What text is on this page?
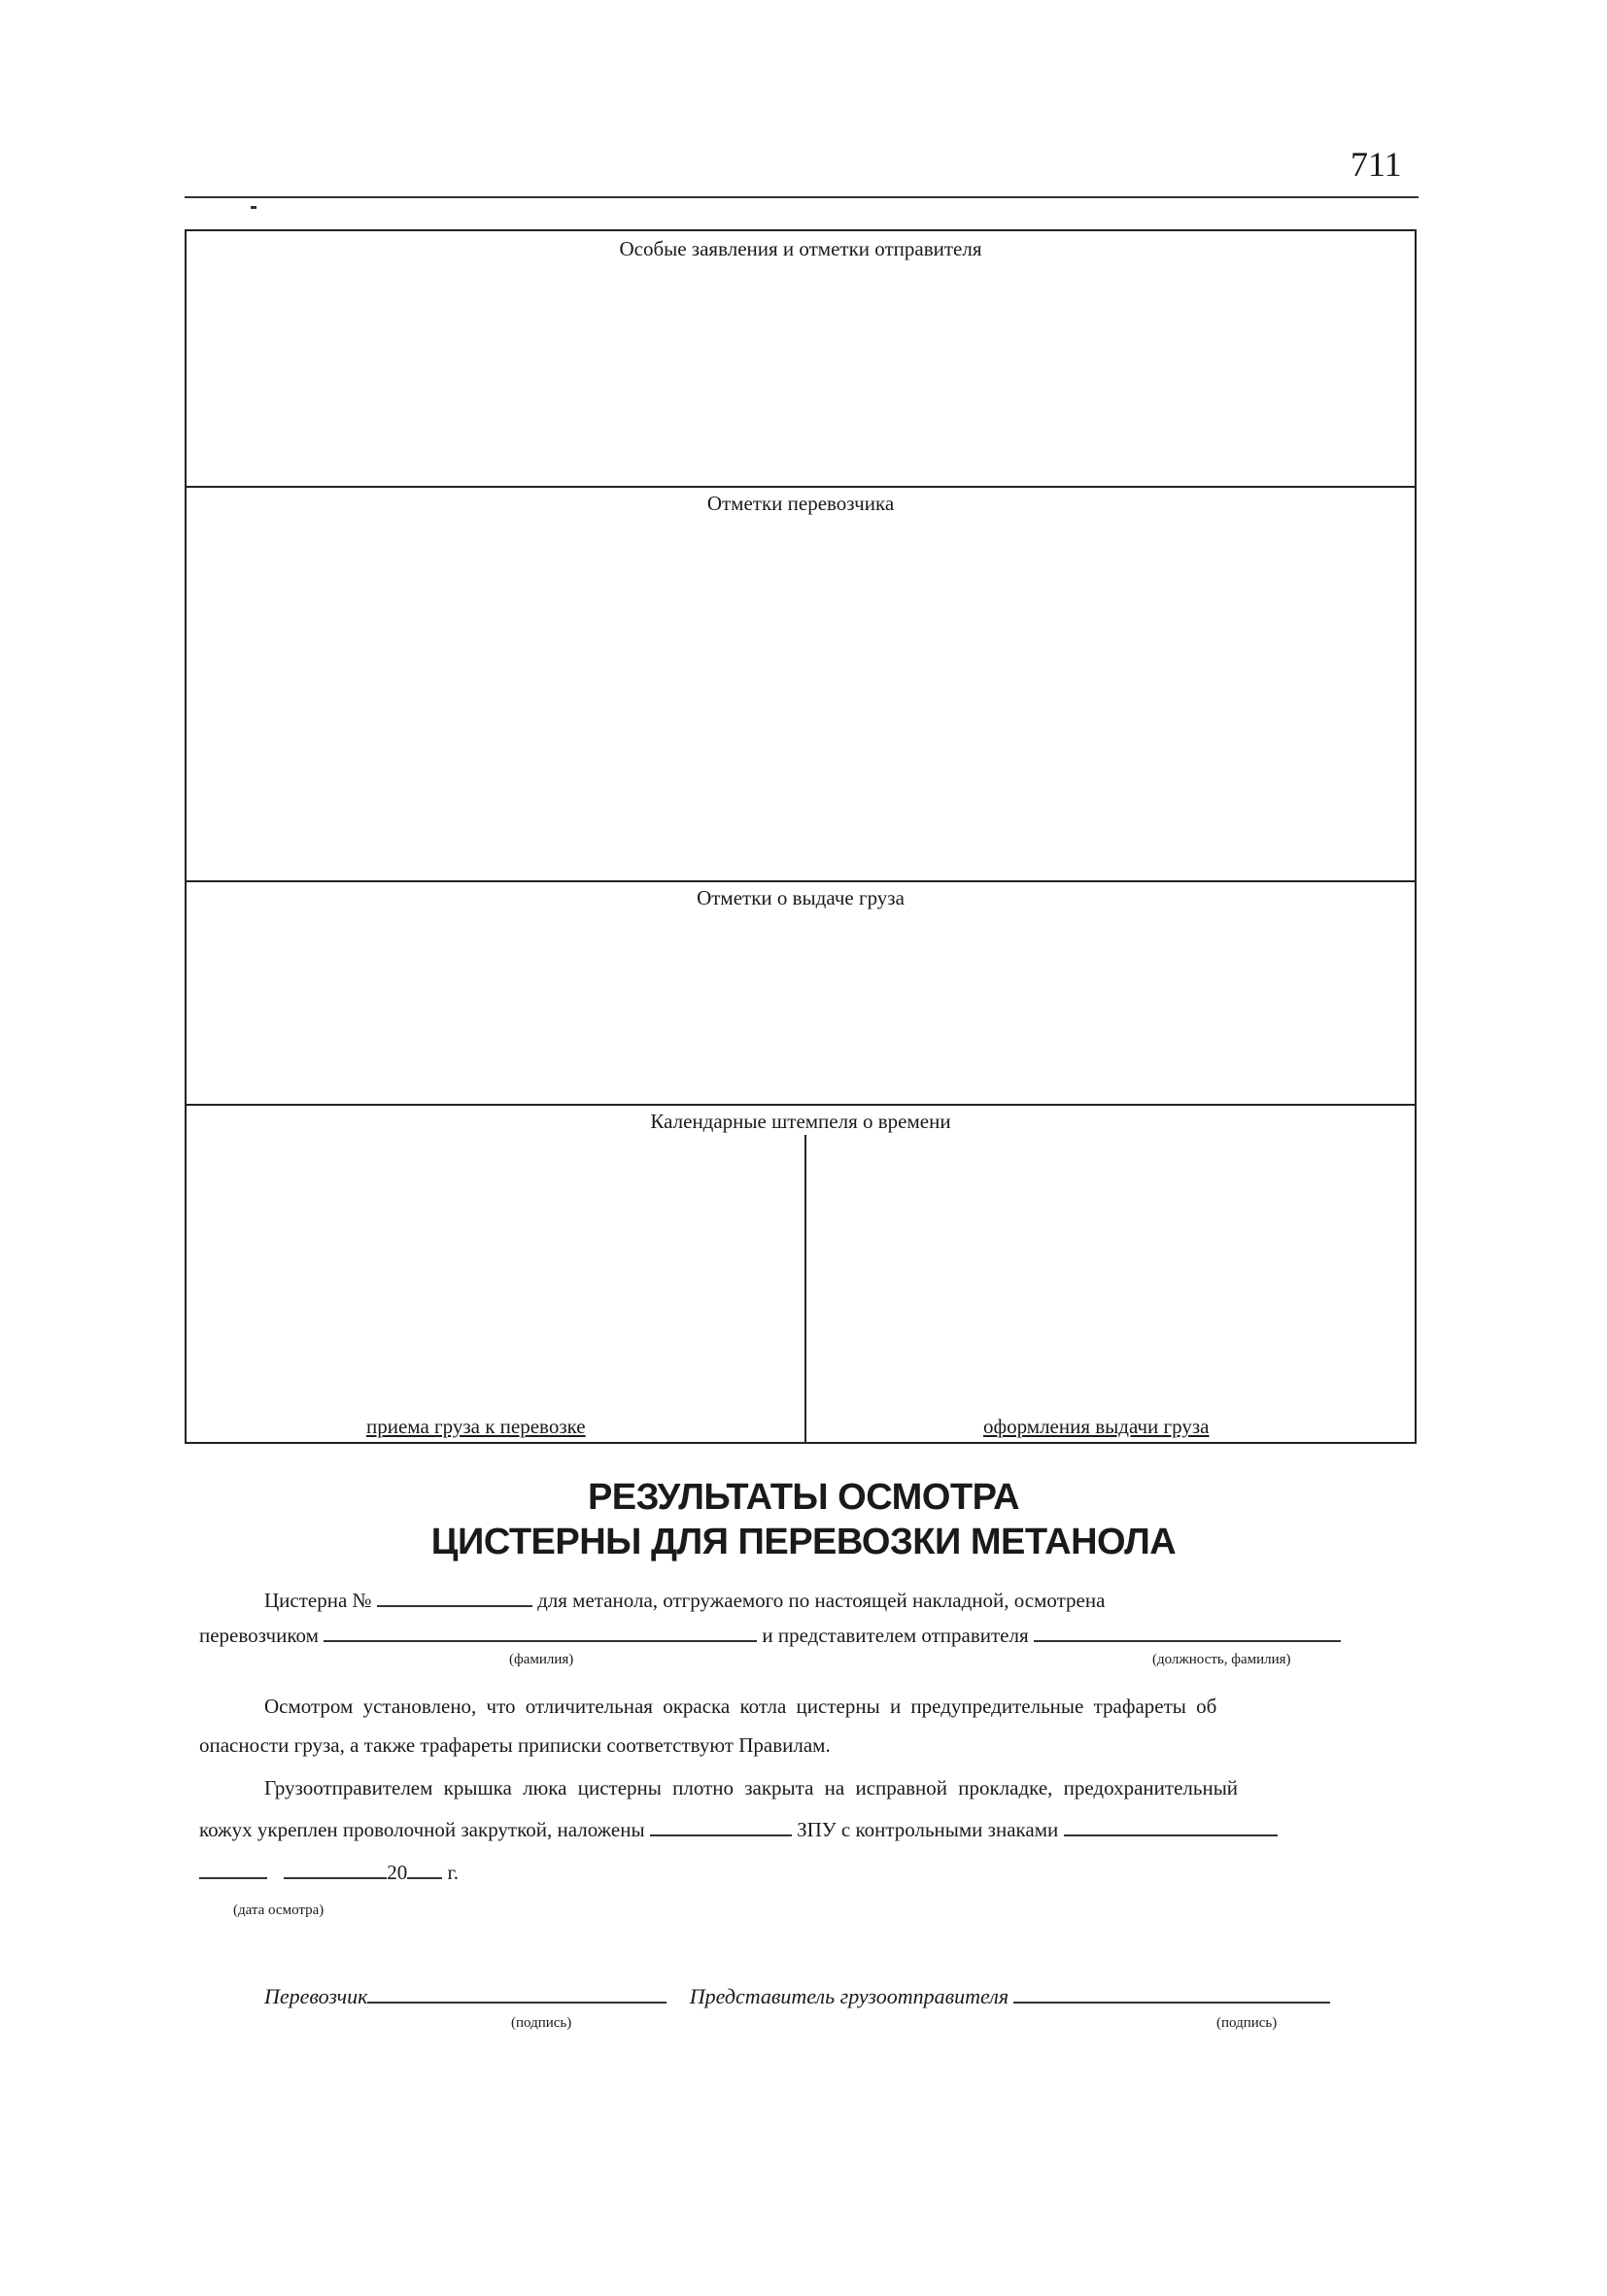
711
Особые заявления и отметки отправителя
Отметки перевозчика
Отметки о выдаче груза
Календарные штемпеля о времени
приема груза к перевозке	оформления выдачи груза
РЕЗУЛЬТАТЫ ОСМОТРА
ЦИСТЕРНЫ ДЛЯ ПЕРЕВОЗКИ МЕТАНОЛА
Цистерна №	для метанола, отгружаемого по настоящей накладной, осмотрена
перевозчиком	и представителем отправителя
(фамилия)	(должность, фамилия)
Осмотром установлено, что отличительная окраска котла цистерны и предупредительные трафареты об
опасности груза, а также трафареты приписки соответствуют Правилам.
Грузоотправителем крышка люка цистерны плотно закрыта на исправной прокладке, предохранительный
кожух укреплен проволочной закруткой, наложены	ЗПУ с контрольными знаками
20 г.
(дата осмотра)
Перевозчик	Представитель грузоотправителя
(подпись)	(подпись)
